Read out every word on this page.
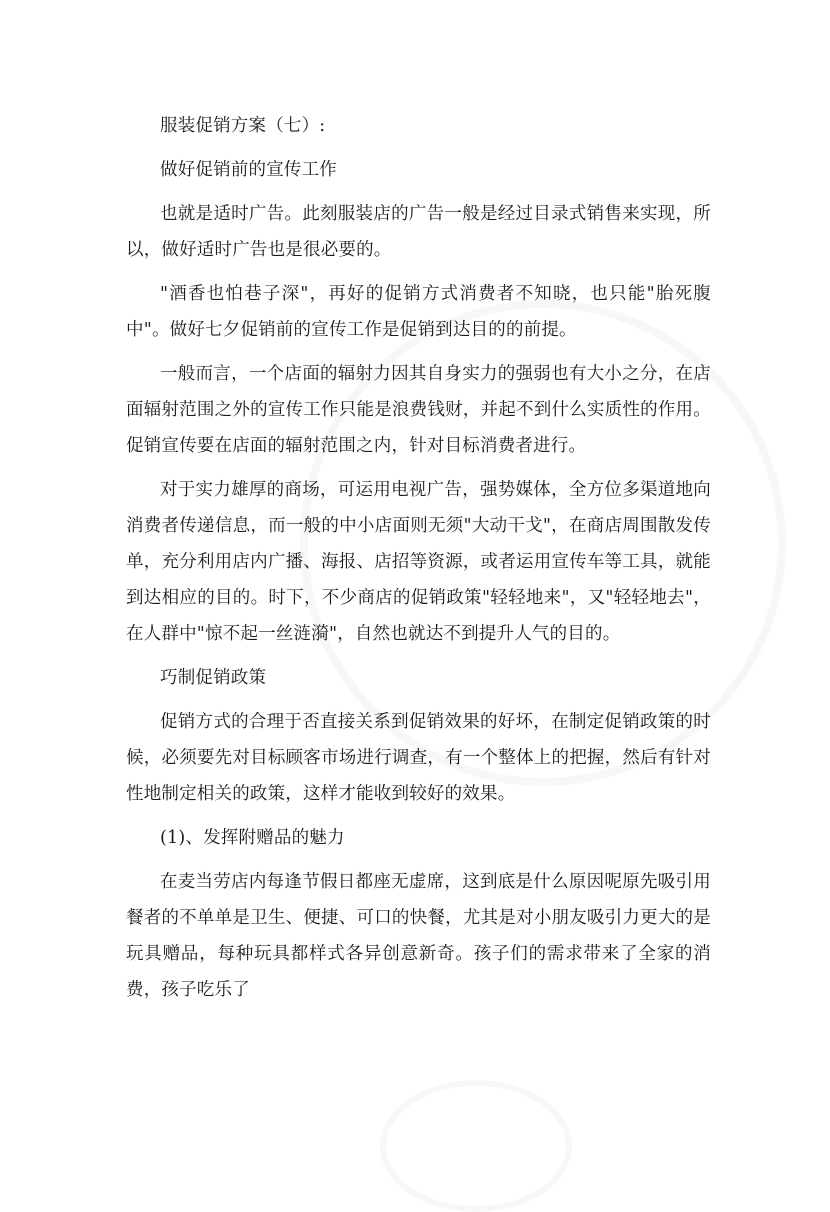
服装促销方案（七）:

做好促销前的宣传工作

也就是适时广告。此刻服装店的广告一般是经过目录式销售来实现，所以，做好适时广告也是很必要的。

"酒香也怕巷子深"，再好的促销方式消费者不知晓，也只能"胎死腹中"。做好七夕促销前的宣传工作是促销到达目的的前提。

一般而言，一个店面的辐射力因其自身实力的强弱也有大小之分，在店面辐射范围之外的宣传工作只能是浪费钱财，并起不到什么实质性的作用。促销宣传要在店面的辐射范围之内，针对目标消费者进行。

对于实力雄厚的商场，可运用电视广告，强势媒体，全方位多渠道地向消费者传递信息，而一般的中小店面则无须"大动干戈"，在商店周围散发传单，充分利用店内广播、海报、店招等资源，或者运用宣传车等工具，就能到达相应的目的。时下，不少商店的促销政策"轻轻地来"，又"轻轻地去"，在人群中"惊不起一丝涟漪"，自然也就达不到提升人气的目的。

巧制促销政策

促销方式的合理于否直接关系到促销效果的好坏，在制定促销政策的时候，必须要先对目标顾客市场进行调查，有一个整体上的把握，然后有针对性地制定相关的政策，这样才能收到较好的效果。

(1)、发挥附赠品的魅力

在麦当劳店内每逢节假日都座无虚席，这到底是什么原因呢原先吸引用餐者的不单单是卫生、便捷、可口的快餐，尤其是对小朋友吸引力更大的是玩具赠品，每种玩具都样式各异创意新奇。孩子们的需求带来了全家的消费，孩子吃乐了
